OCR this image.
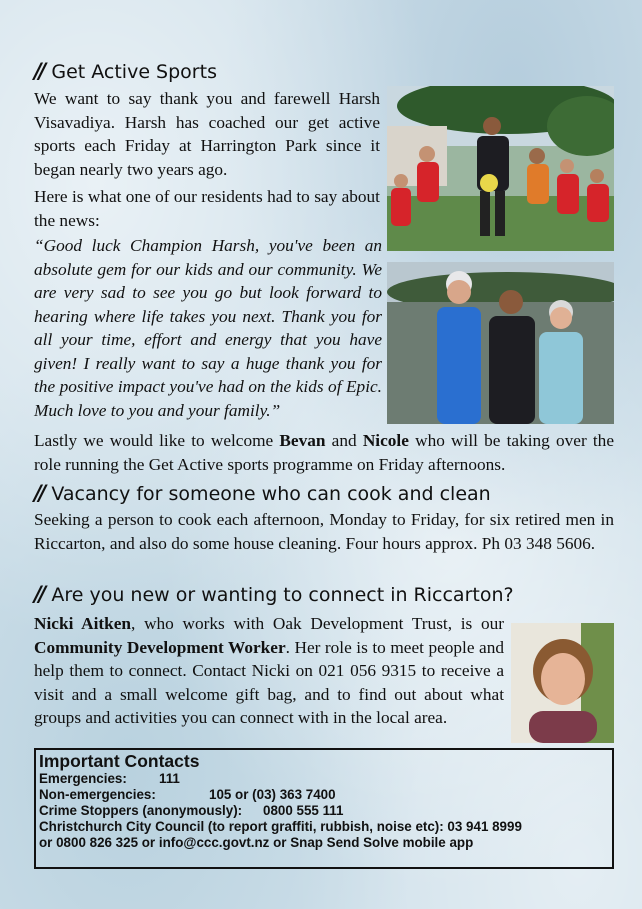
// Get Active Sports
We want to say thank you and farewell Harsh Visavadiya. Harsh has coached our get active sports each Friday at Harrington Park since it began nearly two years ago.
Here is what one of our residents had to say about the news:
“Good luck Champion Harsh, you've been an absolute gem for our kids and our community. We are very sad to see you go but look forward to hearing where life takes you next. Thank you for all your time, effort and energy that you have given! I really want to say a huge thank you for the positive impact you've had on the kids of Epic. Much love to you and your family.”
Lastly we would like to welcome Bevan and Nicole who will be taking over the role running the Get Active sports programme on Friday afternoons.
// Vacancy for someone who can cook and clean
Seeking a person to cook each afternoon, Monday to Friday, for six retired men in Riccarton, and also do some house cleaning. Four hours approx. Ph 03 348 5606.
// Are you new or wanting to connect in Riccarton?
Nicki Aitken, who works with Oak Development Trust, is our Community Development Worker. Her role is to meet people and help them to connect. Contact Nicki on 021 056 9315 to receive a visit and a small welcome gift bag, and to find out about what groups and activities you can connect with in the local area.
Important Contacts
Emergencies: 111
Non-emergencies:	105 or (03) 363 7400
Crime Stoppers (anonymously): 0800 555 111
Christchurch City Council (to report graffiti, rubbish, noise etc): 03 941 8999
or 0800 826 325 or info@ccc.govt.nz or Snap Send Solve mobile app
